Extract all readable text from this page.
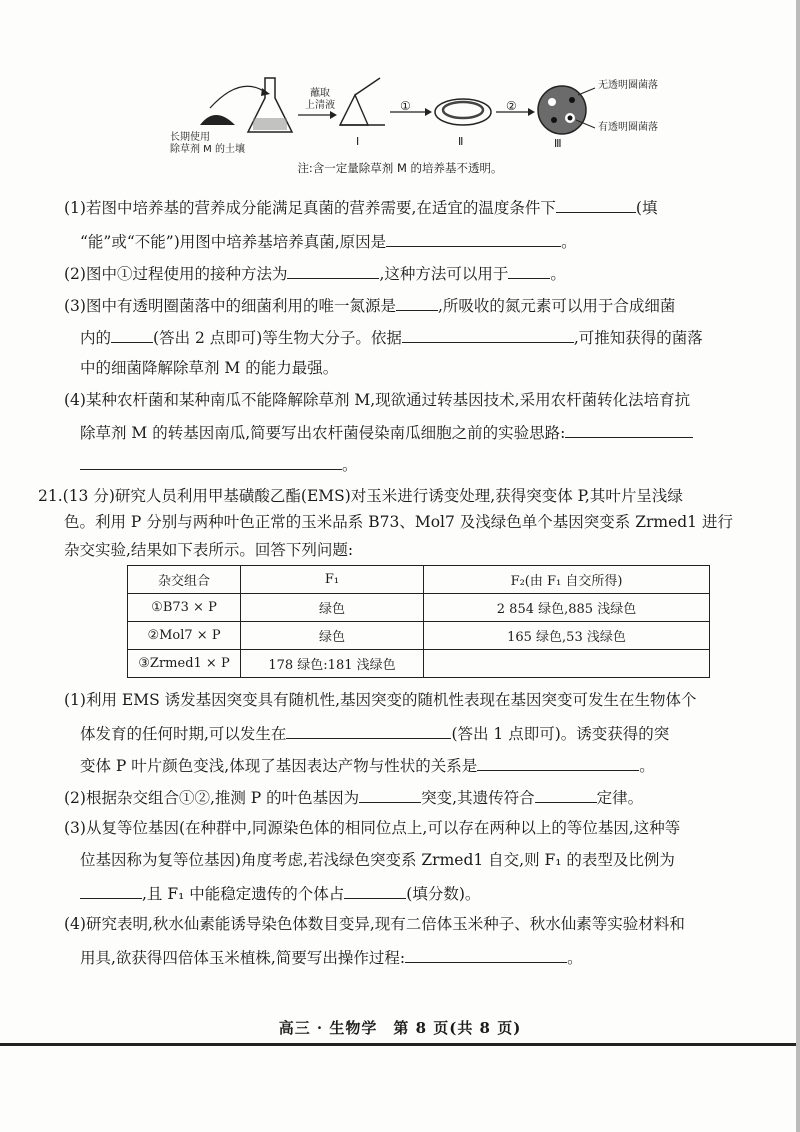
长期使用
除草剂 M 的土壤
蘸取
上清液	①	②
Ⅰ	Ⅱ	Ⅲ
无透明圈菌落
有透明圈菌落
注:含一定量除草剂 M 的培养基不透明。
(1)若图中培养基的营养成分能满足真菌的营养需要,在适宜的温度条件下	(填
“能”或“不能”)用图中培养基培养真菌,原因是	。
(2)图中①过程使用的接种方法为	,这种方法可以用于	。
(3)图中有透明圈菌落中的细菌利用的唯一氮源是	,所吸收的氮元素可以用于合成细菌
内的	(答出 2 点即可)等生物大分子。依据	,可推知获得的菌落
中的细菌降解除草剂 M 的能力最强。
(4)某种农杆菌和某种南瓜不能降解除草剂 M,现欲通过转基因技术,采用农杆菌转化法培育抗
除草剂 M 的转基因南瓜,简要写出农杆菌侵染南瓜细胞之前的实验思路:
。
21.(13 分)研究人员利用甲基磺酸乙酯(EMS)对玉米进行诱变处理,获得突变体 P,其叶片呈浅绿
色。利用 P 分别与两种叶色正常的玉米品系 B73、Mol7 及浅绿色单个基因突变系 Zrmed1 进行
杂交实验,结果如下表所示。回答下列问题:
杂交组合	F₁	F₂(由 F₁ 自交所得)
①B73 × P	绿色	2 854 绿色,885 浅绿色
②Mol7 × P	绿色	165 绿色,53 浅绿色
③Zrmed1 × P	178 绿色:181 浅绿色	
(1)利用 EMS 诱发基因突变具有随机性,基因突变的随机性表现在基因突变可发生在生物体个
体发育的任何时期,可以发生在	(答出 1 点即可)。诱变获得的突
变体 P 叶片颜色变浅,体现了基因表达产物与性状的关系是	。
(2)根据杂交组合①②,推测 P 的叶色基因为	突变,其遗传符合	定律。
(3)从复等位基因(在种群中,同源染色体的相同位点上,可以存在两种以上的等位基因,这种等
位基因称为复等位基因)角度考虑,若浅绿色突变系 Zrmed1 自交,则 F₁ 的表型及比例为
,且 F₁ 中能稳定遗传的个体占	(填分数)。
(4)研究表明,秋水仙素能诱导染色体数目变异,现有二倍体玉米种子、秋水仙素等实验材料和
用具,欲获得四倍体玉米植株,简要写出操作过程:	。
高三 · 生物学　第 8 页(共 8 页)
